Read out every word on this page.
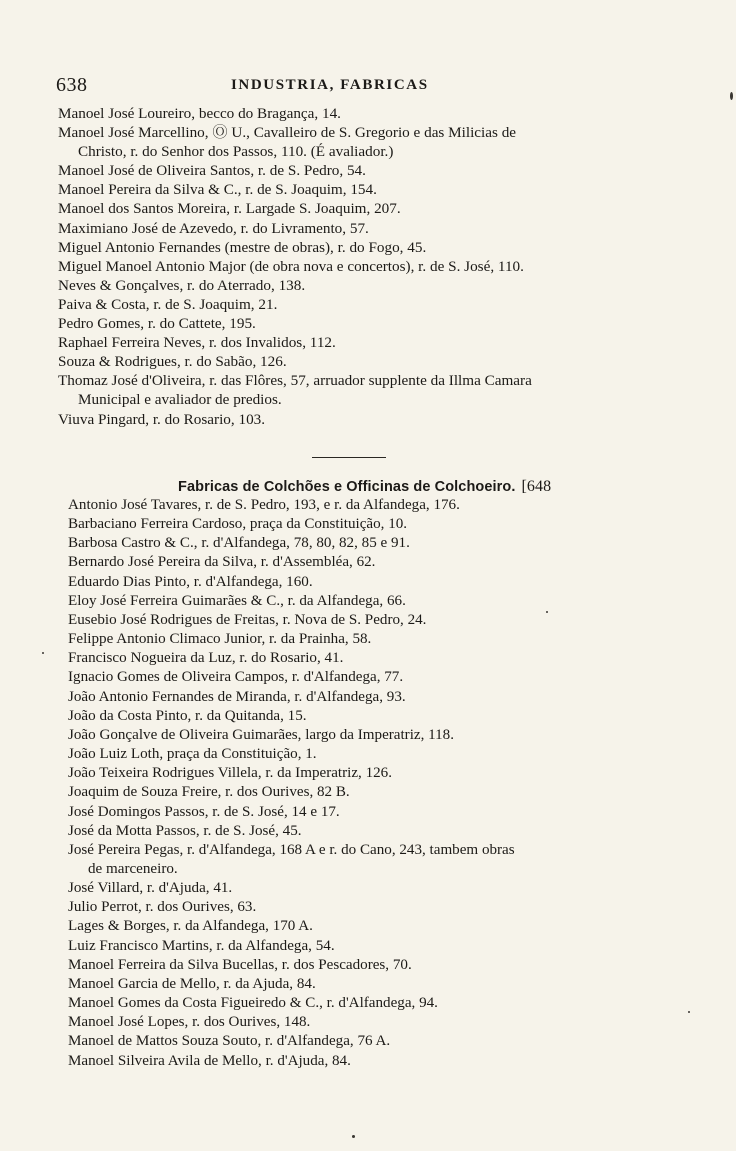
638	INDUSTRIA, FABRICAS
Manoel José Loureiro, becco do Bragança, 14.
Manoel José Marcellino, Ⓞ U., Cavalleiro de S. Gregorio e das Milicias de
Christo, r. do Senhor dos Passos, 110. (É avaliador.)
Manoel José de Oliveira Santos, r. de S. Pedro, 54.
Manoel Pereira da Silva & C., r. de S. Joaquim, 154.
Manoel dos Santos Moreira, r. Largade S. Joaquim, 207.
Maximiano José de Azevedo, r. do Livramento, 57.
Miguel Antonio Fernandes (mestre de obras), r. do Fogo, 45.
Miguel Manoel Antonio Major (de obra nova e concertos), r. de S. José, 110.
Neves & Gonçalves, r. do Aterrado, 138.
Paiva & Costa, r. de S. Joaquim, 21.
Pedro Gomes, r. do Cattete, 195.
Raphael Ferreira Neves, r. dos Invalidos, 112.
Souza & Rodrigues, r. do Sabão, 126.
Thomaz José d'Oliveira, r. das Flôres, 57, arruador supplente da Illma Camara
Municipal e avaliador de predios.
Viuva Pingard, r. do Rosario, 103.
Fabricas de Colchões e Officinas de Colchoeiro. [648
Antonio José Tavares, r. de S. Pedro, 193, e r. da Alfandega, 176.
Barbaciano Ferreira Cardoso, praça da Constituição, 10.
Barbosa Castro & C., r. d'Alfandega, 78, 80, 82, 85 e 91.
Bernardo José Pereira da Silva, r. d'Assembléa, 62.
Eduardo Dias Pinto, r. d'Alfandega, 160.
Eloy José Ferreira Guimarães & C., r. da Alfandega, 66.
Eusebio José Rodrigues de Freitas, r. Nova de S. Pedro, 24.
Felippe Antonio Climaco Junior, r. da Prainha, 58.
Francisco Nogueira da Luz, r. do Rosario, 41.
Ignacio Gomes de Oliveira Campos, r. d'Alfandega, 77.
João Antonio Fernandes de Miranda, r. d'Alfandega, 93.
João da Costa Pinto, r. da Quitanda, 15.
João Gonçalve de Oliveira Guimarães, largo da Imperatriz, 118.
João Luiz Loth, praça da Constituição, 1.
João Teixeira Rodrigues Villela, r. da Imperatriz, 126.
Joaquim de Souza Freire, r. dos Ourives, 82 B.
José Domingos Passos, r. de S. José, 14 e 17.
José da Motta Passos, r. de S. José, 45.
José Pereira Pegas, r. d'Alfandega, 168 A e r. do Cano, 243, tambem obras
de marceneiro.
José Villard, r. d'Ajuda, 41.
Julio Perrot, r. dos Ourives, 63.
Lages & Borges, r. da Alfandega, 170 A.
Luiz Francisco Martins, r. da Alfandega, 54.
Manoel Ferreira da Silva Bucellas, r. dos Pescadores, 70.
Manoel Garcia de Mello, r. da Ajuda, 84.
Manoel Gomes da Costa Figueiredo & C., r. d'Alfandega, 94.
Manoel José Lopes, r. dos Ourives, 148.
Manoel de Mattos Souza Souto, r. d'Alfandega, 76 A.
Manoel Silveira Avila de Mello, r. d'Ajuda, 84.
